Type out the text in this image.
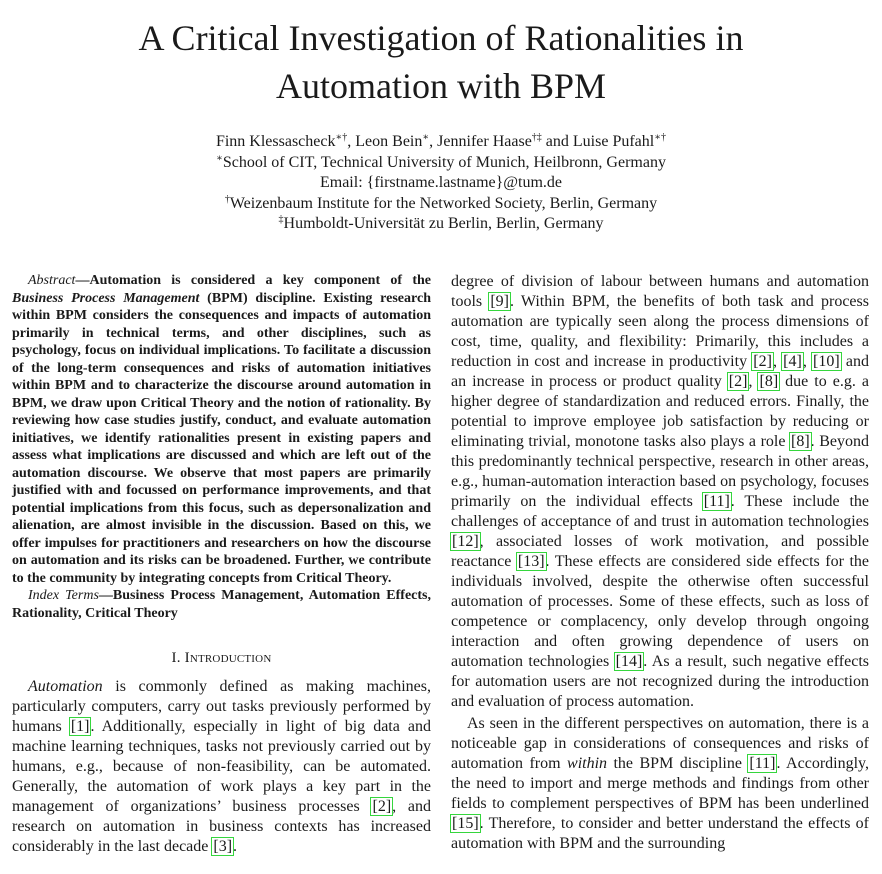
A Critical Investigation of Rationalities in
Automation with BPM

Finn Klessascheck∗†, Leon Bein∗, Jennifer Haase†‡ and Luise Pufahl∗†

∗School of CIT, Technical University of Munich, Heilbronn, Germany

Email: {firstname.lastname}@tum.de

†Weizenbaum Institute for the Networked Society, Berlin, Germany

‡Humboldt-Universität zu Berlin, Berlin, Germany

Abstract—Automation is considered a key component of the Business Process Management (BPM) discipline. Existing research within BPM considers the consequences and impacts of automation primarily in technical terms, and other disciplines, such as psychology, focus on individual implications. To facilitate a discussion of the long-term consequences and risks of automation initiatives within BPM and to characterize the discourse around automation in BPM, we draw upon Critical Theory and the notion of rationality. By reviewing how case studies justify, conduct, and evaluate automation initiatives, we identify rationalities present in existing papers and assess what implications are discussed and which are left out of the automation discourse. We observe that most papers are primarily justified with and focussed on performance improvements, and that potential implications from this focus, such as depersonalization and alienation, are almost invisible in the discussion. Based on this, we offer impulses for practitioners and researchers on how the discourse on automation and its risks can be broadened. Further, we contribute to the community by integrating concepts from Critical Theory.

Index Terms—Business Process Management, Automation Effects, Rationality, Critical Theory

I. Introduction

Automation is commonly defined as making machines, particularly computers, carry out tasks previously performed by humans [1]. Additionally, especially in light of big data and machine learning techniques, tasks not previously carried out by humans, e.g., because of non-feasibility, can be automated. Generally, the automation of work plays a key part in the management of organizations’ business processes [2], and research on automation in business contexts has increased considerably in the last decade [3].

degree of division of labour between humans and automation tools [9]. Within BPM, the benefits of both task and process automation are typically seen along the process dimensions of cost, time, quality, and flexibility: Primarily, this includes a reduction in cost and increase in productivity [2], [4], [10] and an increase in process or product quality [2], [8] due to e.g. a higher degree of standardization and reduced errors. Finally, the potential to improve employee job satisfaction by reducing or eliminating trivial, monotone tasks also plays a role [8]. Beyond this predominantly technical perspective, research in other areas, e.g., human-automation interaction based on psychology, focuses primarily on the individual effects [11]. These include the challenges of acceptance of and trust in automation technologies [12], associated losses of work motivation, and possible reactance [13]. These effects are considered side effects for the individuals involved, despite the otherwise often successful automation of processes. Some of these effects, such as loss of competence or complacency, only develop through ongoing interaction and often growing dependence of users on automation technologies [14]. As a result, such negative effects for automation users are not recognized during the introduction and evaluation of process automation.

As seen in the different perspectives on automation, there is a noticeable gap in considerations of consequences and risks of automation from within the BPM discipline [11]. Accordingly, the need to import and merge methods and findings from other fields to complement perspectives of BPM has been underlined [15]. Therefore, to consider and better understand the effects of automation with BPM and the surrounding
